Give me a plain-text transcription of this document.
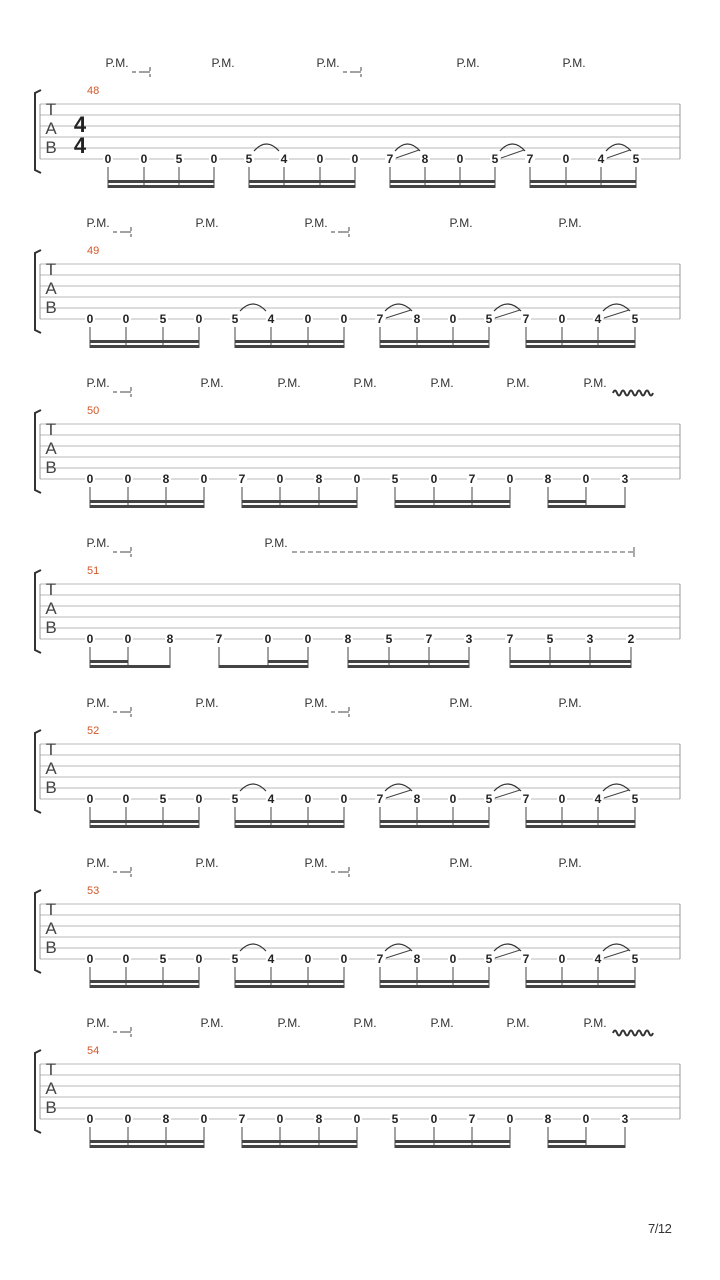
T
A
B
4
4
48
P.M.	P.M.	P.M.	P.M.	P.M.
0 0 5 0 5 4 0 0 7 8 0 5 7 0 4 5
T
A
B
49
P.M.	P.M.	P.M.	P.M.	P.M.
0 0	5 0 5 4	0 0 7	8 0 5	7 0 4	5
T
A
B
50
P.M.	P.M.	P.M.	P.M.	P.M.	P.M.	P.M.
0	0	8	0	7	0	8	0	5	0	7	0	8	0	3
T
A
B
51
P.M.	P.M.
0	0	8	7	0	0	8	5	7	3	7	5	3	2
T
A
B
52
P.M.	P.M.	P.M.	P.M.	P.M.
0 0	5 0 5 4	0 0 7	8 0 5	7 0 4	5
T
A
B
53
P.M.	P.M.	P.M.	P.M.	P.M.
0 0	5 0 5 4	0 0 7	8 0 5	7 0 4	5
T
A
B
54
P.M.	P.M.	P.M.	P.M.	P.M.	P.M.	P.M.
0	0	8	0	7	0	8	0	5	0	7	0	8	0	3
7/12
